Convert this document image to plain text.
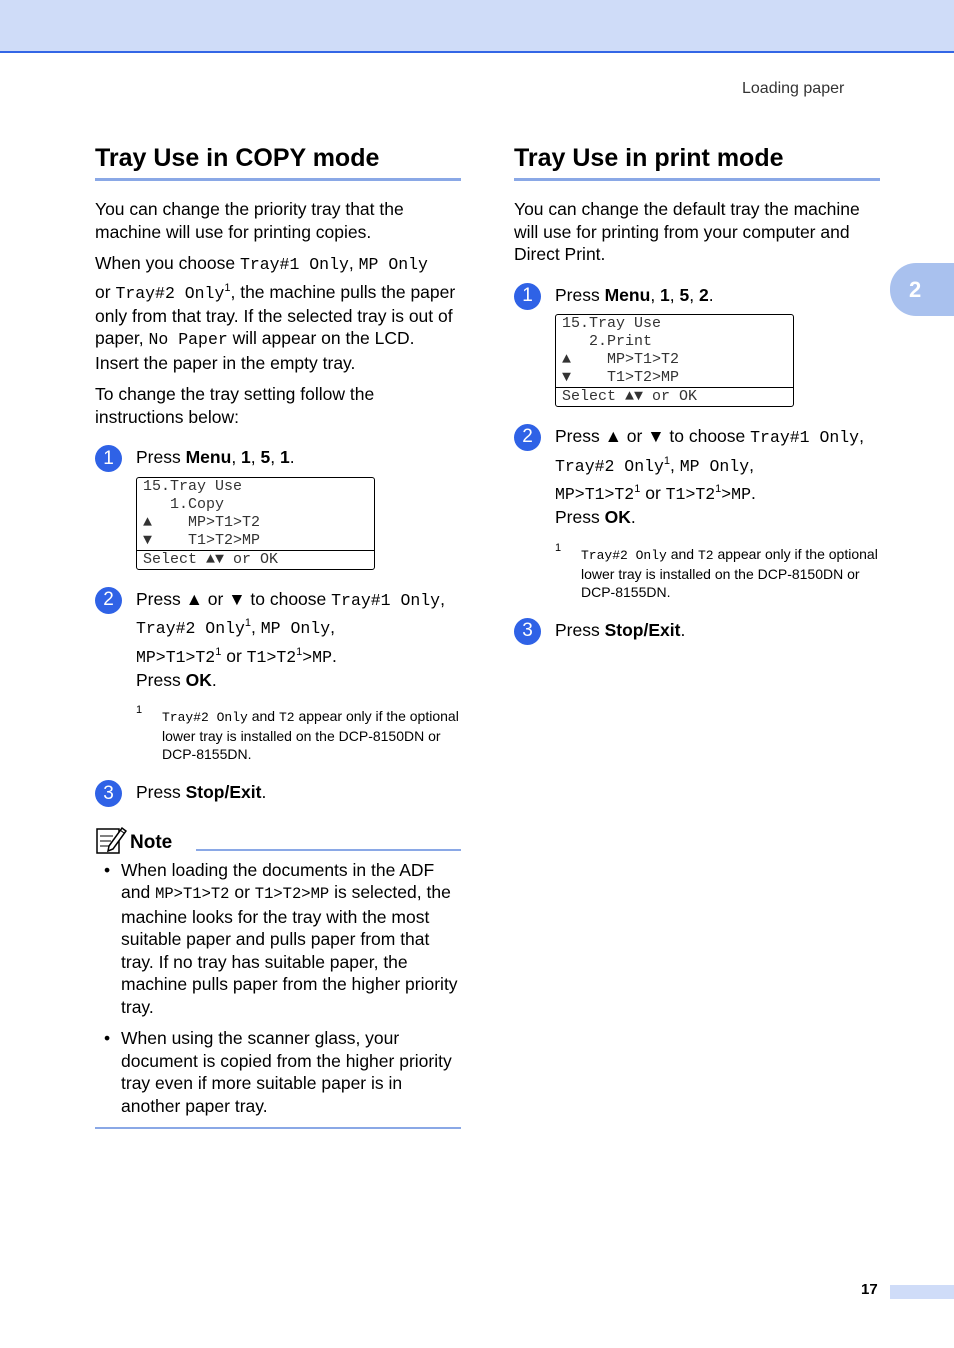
Loading paper
2
Tray Use in COPY mode

You can change the priority tray that the machine will use for printing copies.

When you choose Tray#1 Only, MP Only
or Tray#2 Only$^1$, the machine pulls the paper only from that tray. If the selected tray is out of paper, No Paper will appear on the LCD. Insert the paper in the empty tray.

To change the tray setting follow the instructions below:

1	Press Menu, 1, 5, 1.
15.Tray Use
1.Copy
▲    MP>T1>T2
▼    T1>T2>MP
Select ▲▼ or OK
2	Press ▲ or ▼ to choose Tray#1 Only,
Tray#2 Only$^1$, MP Only,
$MP>T1>T2^1$ or $T1>T2^1>MP$.
Press OK.
1 Tray#2 Only and T2 appear only if the optional lower tray is installed on the DCP-8150DN or DCP-8155DN.
3	Press Stop/Exit.
Note
• When loading the documents in the ADF and MP>T1>T2 or T1>T2>MP is selected, the machine looks for the tray with the most suitable paper and pulls paper from that tray. If no tray has suitable paper, the machine pulls paper from the higher priority tray.
• When using the scanner glass, your document is copied from the higher priority tray even if more suitable paper is in another paper tray.
Tray Use in print mode

You can change the default tray the machine will use for printing from your computer and Direct Print.

1	Press Menu, 1, 5, 2.
15.Tray Use
2.Print
▲    MP>T1>T2
▼    T1>T2>MP
Select ▲▼ or OK
2	Press ▲ or ▼ to choose Tray#1 Only,
Tray#2 Only$^1$, MP Only,
$MP>T1>T2^1$ or $T1>T2^1>MP$.
Press OK.
1 Tray#2 Only and T2 appear only if the optional lower tray is installed on the DCP-8150DN or DCP-8155DN.
3	Press Stop/Exit.
17
